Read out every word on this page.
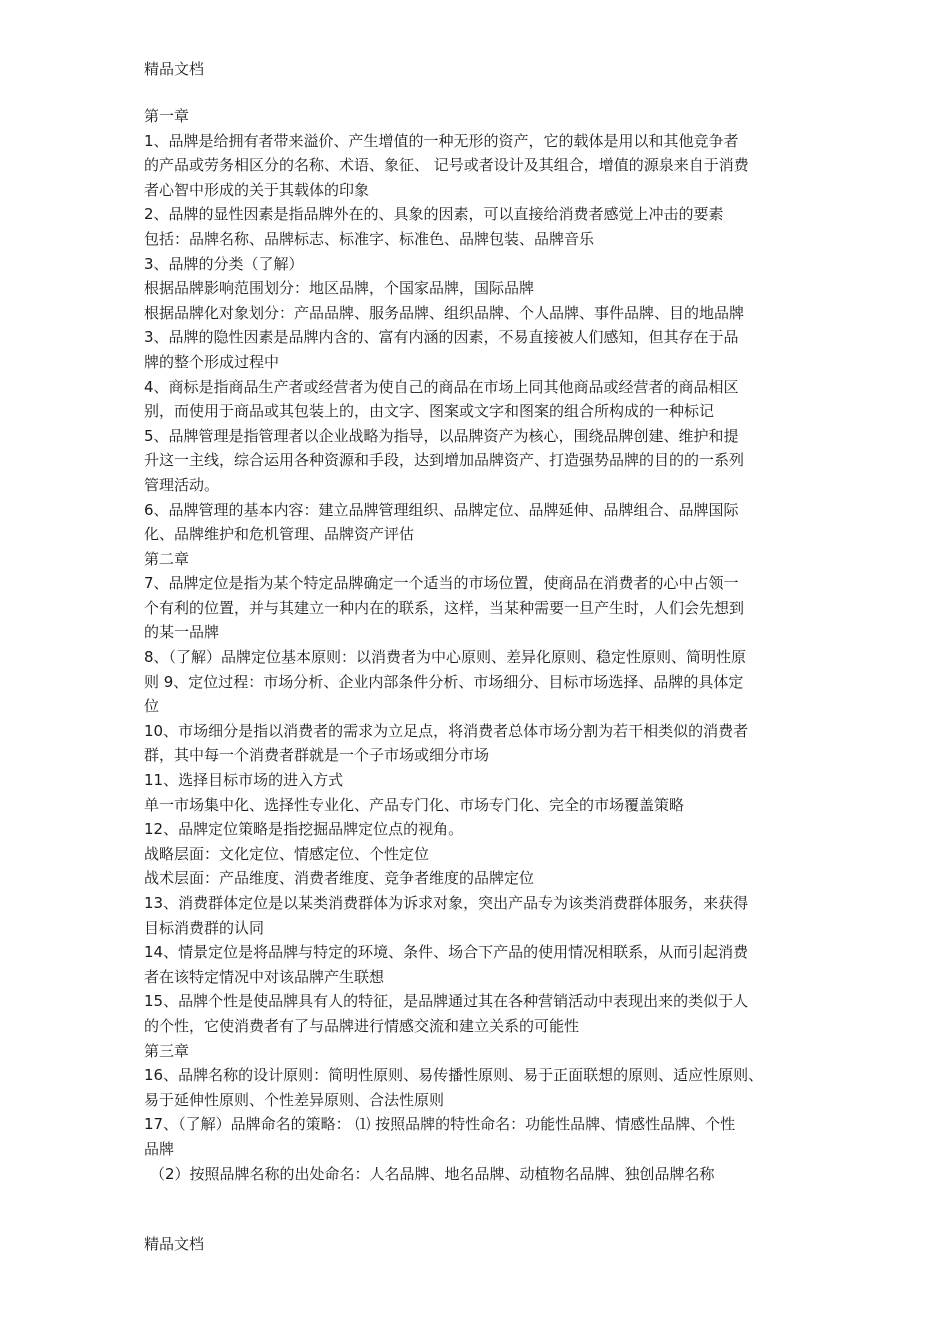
精品文档
第一章
1、品牌是给拥有者带来溢价、产生增值的一种无形的资产，它的载体是用以和其他竞争者
的产品或劳务相区分的名称、术语、象征、 记号或者设计及其组合，增值的源泉来自于消费
者心智中形成的关于其载体的印象
2、品牌的显性因素是指品牌外在的、具象的因素，可以直接给消费者感觉上冲击的要素
包括：品牌名称、品牌标志、标准字、标准色、品牌包装、品牌音乐
3、品牌的分类（了解）
根据品牌影响范围划分：地区品牌，个国家品牌，国际品牌
根据品牌化对象划分：产品品牌、服务品牌、组织品牌、个人品牌、事件品牌、目的地品牌
3、品牌的隐性因素是品牌内含的、富有内涵的因素，不易直接被人们感知，但其存在于品
牌的整个形成过程中
4、商标是指商品生产者或经营者为使自己的商品在市场上同其他商品或经营者的商品相区
别，而使用于商品或其包装上的，由文字、图案或文字和图案的组合所构成的一种标记
5、品牌管理是指管理者以企业战略为指导，以品牌资产为核心，围绕品牌创建、维护和提
升这一主线，综合运用各种资源和手段，达到增加品牌资产、打造强势品牌的目的的一系列
管理活动。
6、品牌管理的基本内容：建立品牌管理组织、品牌定位、品牌延伸、品牌组合、品牌国际
化、品牌维护和危机管理、品牌资产评估
第二章
7、品牌定位是指为某个特定品牌确定一个适当的市场位置，使商品在消费者的心中占领一
个有利的位置，并与其建立一种内在的联系，这样，当某种需要一旦产生时，人们会先想到
的某一品牌
8、（了解）品牌定位基本原则：以消费者为中心原则、差异化原则、稳定性原则、简明性原
则 9、定位过程：市场分析、企业内部条件分析、市场细分、目标市场选择、品牌的具体定
位
10、市场细分是指以消费者的需求为立足点，将消费者总体市场分割为若干相类似的消费者
群，其中每一个消费者群就是一个子市场或细分市场
11、选择目标市场的进入方式
单一市场集中化、选择性专业化、产品专门化、市场专门化、完全的市场覆盖策略
12、品牌定位策略是指挖掘品牌定位点的视角。
战略层面：文化定位、情感定位、个性定位
战术层面：产品维度、消费者维度、竞争者维度的品牌定位
13、消费群体定位是以某类消费群体为诉求对象，突出产品专为该类消费群体服务，来获得
目标消费群的认同
14、情景定位是将品牌与特定的环境、条件、场合下产品的使用情况相联系，从而引起消费
者在该特定情况中对该品牌产生联想
15、品牌个性是使品牌具有人的特征，是品牌通过其在各种营销活动中表现出来的类似于人
的个性，它使消费者有了与品牌进行情感交流和建立关系的可能性
第三章
16、品牌名称的设计原则：简明性原则、易传播性原则、易于正面联想的原则、适应性原则、
易于延伸性原则、个性差异原则、合法性原则
17、（了解）品牌命名的策略： ⑴ 按照品牌的特性命名：功能性品牌、情感性品牌、个性
品牌
（2）按照品牌名称的出处命名：人名品牌、地名品牌、动植物名品牌、独创品牌名称
精品文档
